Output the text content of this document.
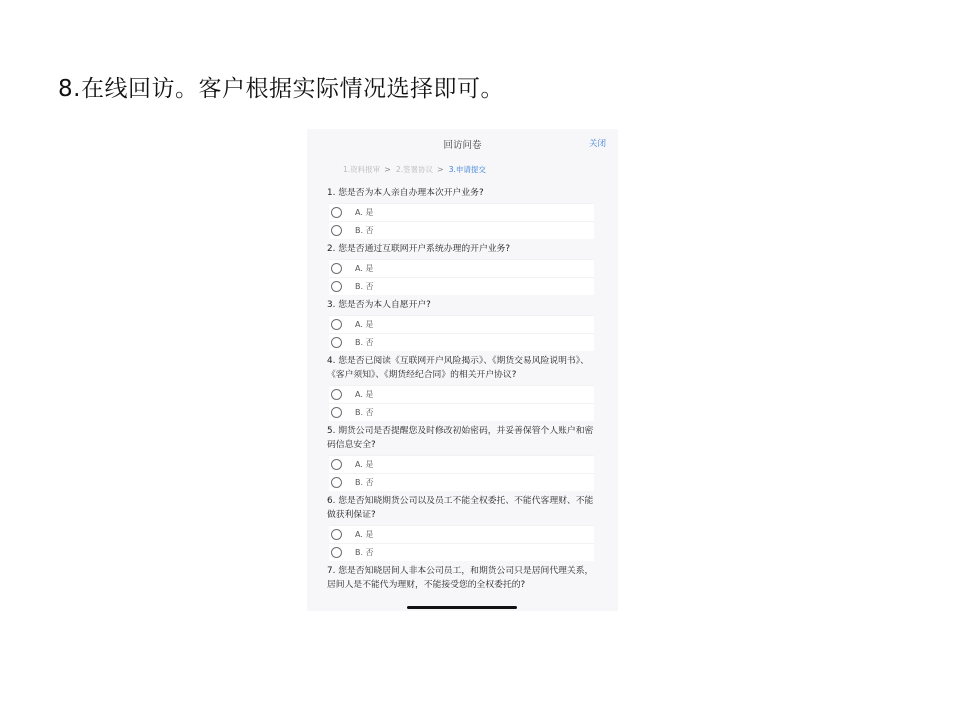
8.在线回访。客户根据实际情况选择即可。
回访问卷	关闭
1.资料报审 > 2.签署协议 > 3.申请提交
1. 您是否为本人亲自办理本次开户业务?
A. 是
B. 否
2. 您是否通过互联网开户系统办理的开户业务?
A. 是
B. 否
3. 您是否为本人自愿开户?
A. 是
B. 否
4. 您是否已阅读《互联网开户风险揭示》、《期货交易风险说明书》、《客户须知》、《期货经纪合同》的相关开户协议?
A. 是
B. 否
5. 期货公司是否提醒您及时修改初始密码，并妥善保管个人账户和密码信息安全?
A. 是
B. 否
6. 您是否知晓期货公司以及员工不能全权委托、不能代客理财、不能做获利保证?
A. 是
B. 否
7. 您是否知晓居间人非本公司员工，和期货公司只是居间代理关系，居间人是不能代为理财，不能接受您的全权委托的?
